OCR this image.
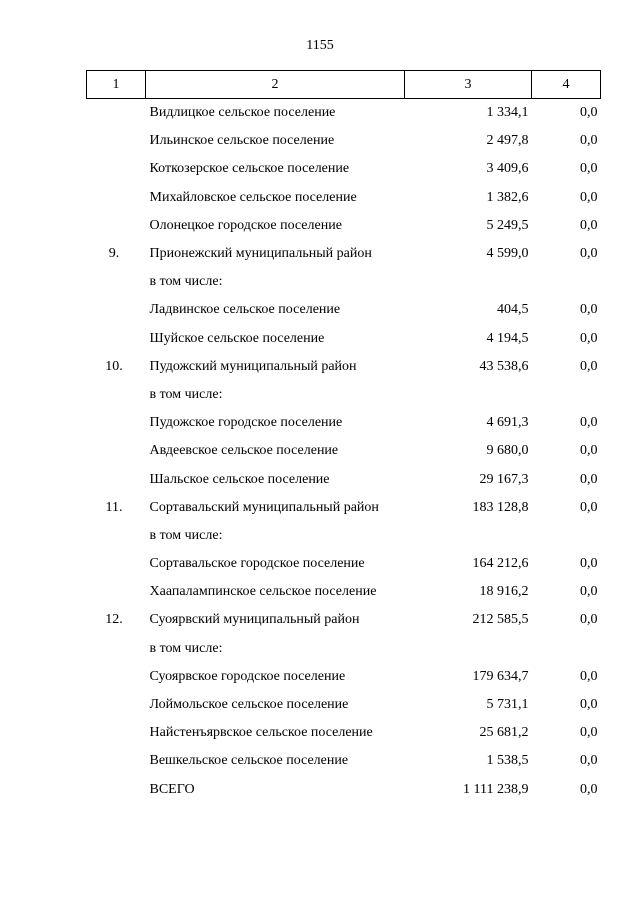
1155
1	2	3	4
	Видлицкое сельское поселение	1 334,1	0,0
	Ильинское сельское поселение	2 497,8	0,0
	Коткозерское сельское поселение	3 409,6	0,0
	Михайловское сельское поселение	1 382,6	0,0
	Олонецкое городское поселение	5 249,5	0,0
9.	Прионежский муниципальный район	4 599,0	0,0
	в том числе:		
	Ладвинское сельское поселение	404,5	0,0
	Шуйское сельское поселение	4 194,5	0,0
10.	Пудожский муниципальный район	43 538,6	0,0
	в том числе:		
	Пудожское городское поселение	4 691,3	0,0
	Авдеевское сельское поселение	9 680,0	0,0
	Шальское сельское поселение	29 167,3	0,0
11.	Сортавальский муниципальный район	183 128,8	0,0
	в том числе:		
	Сортавальское городское поселение	164 212,6	0,0
	Хаапалампинское сельское поселение	18 916,2	0,0
12.	Суоярвский муниципальный район	212 585,5	0,0
	в том числе:		
	Суоярвское городское поселение	179 634,7	0,0
	Лоймольское сельское поселение	5 731,1	0,0
	Найстенъярвское сельское поселение	25 681,2	0,0
	Вешкельское сельское поселение	1 538,5	0,0
	ВСЕГО	1 111 238,9	0,0
